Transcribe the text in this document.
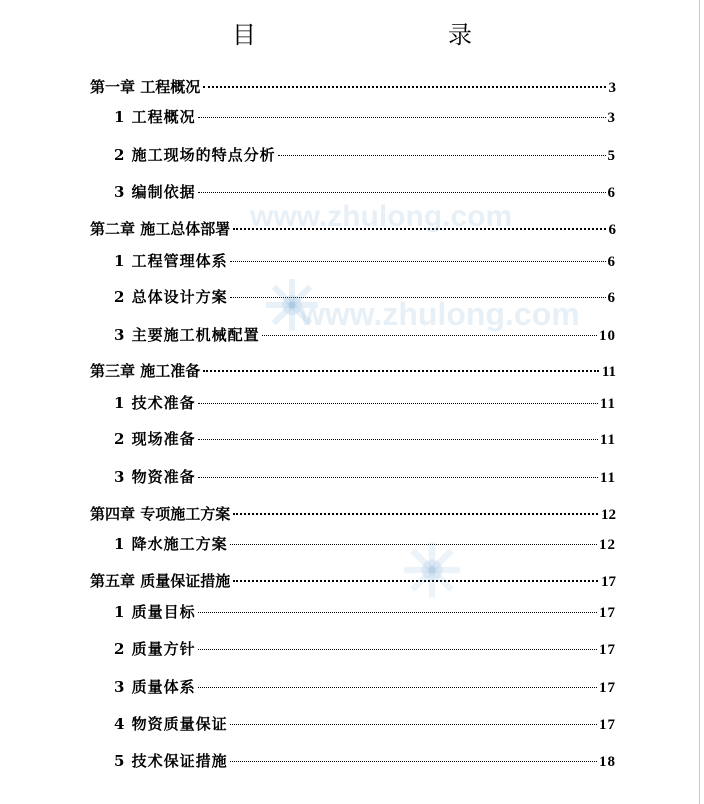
目　　录
第一章 工程概况	3
1 工程概况	3
2 施工现场的特点分析	5
3 编制依据	6
第二章 施工总体部署	6
1 工程管理体系	6
2 总体设计方案	6
3 主要施工机械配置	10
第三章 施工准备	11
1 技术准备	11
2 现场准备	11
3 物资准备	11
第四章 专项施工方案	12
1 降水施工方案	12
第五章 质量保证措施	17
1 质量目标	17
2 质量方针	17
3 质量体系	17
4 物资质量保证	17
5 技术保证措施	18
www.zhulong.com
www.zhulong.com
